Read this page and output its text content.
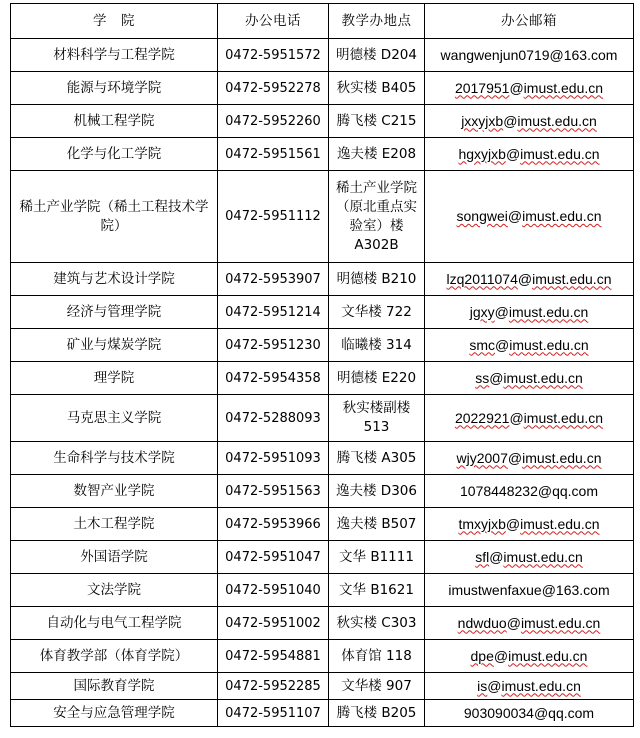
学　院	办公电话	教学办地点	办公邮箱
材料科学与工程学院	0472-5951572	明德楼 D204	wangwenjun0719@163.com
能源与环境学院	0472-5952278	秋实楼 B405	2017951@imust.edu.cn
机械工程学院	0472-5952260	腾飞楼 C215	jxxyjxb@imust.edu.cn
化学与化工学院	0472-5951561	逸夫楼 E208	hgxyjxb@imust.edu.cn
稀土产业学院（稀土工程技术学院）	0472-5951112	稀土产业学院（原北重点实验室）楼 A302B	songwei@imust.edu.cn
建筑与艺术设计学院	0472-5953907	明德楼 B210	lzq2011074@imust.edu.cn
经济与管理学院	0472-5951214	文华楼 722	jgxy@imust.edu.cn
矿业与煤炭学院	0472-5951230	临曦楼 314	smc@imust.edu.cn
理学院	0472-5954358	明德楼 E220	ss@imust.edu.cn
马克思主义学院	0472-5288093	秋实楼副楼 513	2022921@imust.edu.cn
生命科学与技术学院	0472-5951093	腾飞楼 A305	wjy2007@imust.edu.cn
数智产业学院	0472-5951563	逸夫楼 D306	1078448232@qq.com
土木工程学院	0472-5953966	逸夫楼 B507	tmxyjxb@imust.edu.cn
外国语学院	0472-5951047	文华 B1111	sfl@imust.edu.cn
文法学院	0472-5951040	文华 B1621	imustwenfaxue@163.com
自动化与电气工程学院	0472-5951002	秋实楼 C303	ndwduo@imust.edu.cn
体育教学部（体育学院）	0472-5954881	体育馆 118	dpe@imust.edu.cn
国际教育学院	0472-5952285	文华楼 907	is@imust.edu.cn
安全与应急管理学院	0472-5951107	腾飞楼 B205	903090034@qq.com
